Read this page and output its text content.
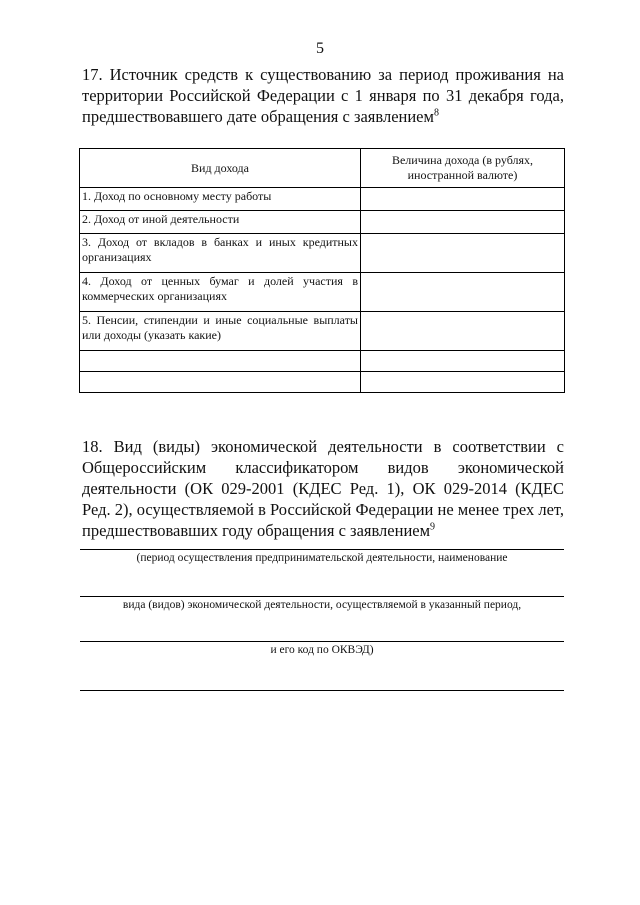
5
17. Источник средств к существованию за период проживания на территории Российской Федерации с 1 января по 31 декабря года, предшествовавшего дате обращения с заявлением$^8$
Вид дохода	Величина дохода (в рублях, иностранной валюте)
1. Доход по основному месту работы	
2. Доход от иной деятельности	
3. Доход от вкладов в банках и иных кредитных организациях	
4. Доход от ценных бумаг и долей участия в коммерческих организациях	
5. Пенсии, стипендии и иные социальные выплаты или доходы (указать какие)	

18. Вид (виды) экономической деятельности в соответствии с Общероссийским классификатором видов экономической деятельности (ОК 029-2001 (КДЕС Ред. 1), ОК 029-2014 (КДЕС Ред. 2), осуществляемой в Российской Федерации не менее трех лет, предшествовавших году обращения с заявлением$^9$
(период осуществления предпринимательской деятельности, наименование
вида (видов) экономической деятельности, осуществляемой в указанный период,
и его код по ОКВЭД)
